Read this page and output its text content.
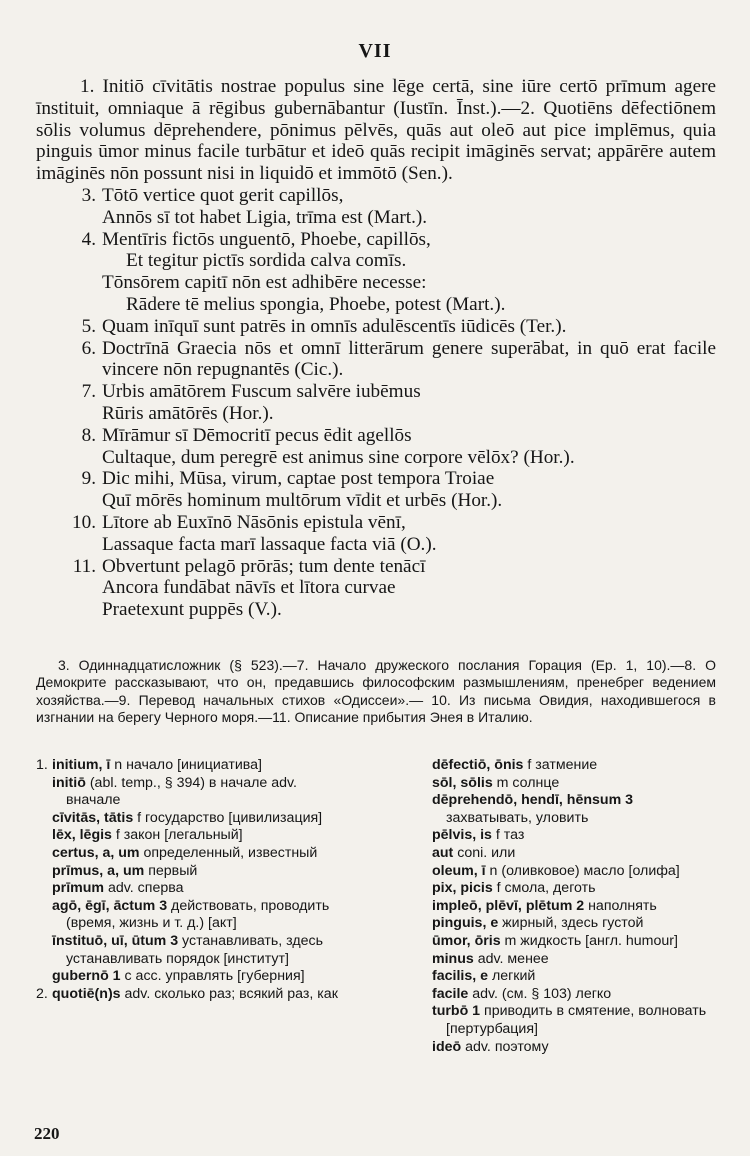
VII

1. Initiō cīvitātis nostrae populus sine lēge certā, sine iūre certō prīmum agere īnstituit, omniaque ā rēgibus gubernābantur (Iustīn. Īnst.).—2. Quotiēns dēfectiōnem sōlis volumus dēprehendere, pōnimus pēlvēs, quās aut oleō aut pice implēmus, quia pinguis ūmor minus facile turbātur et ideō quās recipit imāginēs servat; appārēre autem imāginēs nōn possunt nisi in liquidō et immōtō (Sen.).

3. Tōtō vertice quot gerit capillōs,
Annōs sī tot habet Ligia, trīma est (Mart.).
4. Mentīris fictōs unguentō, Phoebe, capillōs,
Et tegitur pictīs sordida calva comīs.
Tōnsōrem capitī nōn est adhibēre necesse:
Rādere tē melius spongia, Phoebe, potest (Mart.).
5. Quam inīquī sunt patrēs in omnīs adulēscentīs iūdicēs (Ter.).
6. Doctrīnā Graecia nōs et omnī litterārum genere superābat, in quō erat facile vincere nōn repugnantēs (Cic.).
7. Urbis amātōrem Fuscum salvēre iubēmus
Rūris amātōrēs (Hor.).
8. Mīrāmur sī Dēmocritī pecus ēdit agellōs
Cultaque, dum peregrē est animus sine corpore vēlōx? (Hor.).
9. Dic mihi, Mūsa, virum, captae post tempora Troiae
Quī mōrēs hominum multōrum vīdit et urbēs (Hor.).
10. Lītore ab Euxīnō Nāsōnis epistula vēnī,
Lassaque facta marī lassaque facta viā (O.).
11. Obvertunt pelagō prōrās; tum dente tenācī
Ancora fundābat nāvīs et lītora curvae
Praetexunt puppēs (V.).
3. Одиннадцатисложник (§ 523).—7. Начало дружеского послания Горация (Ep. 1, 10).—8. О Демокрите рассказывают, что он, предавшись философским размышлениям, пренебрег ведением хозяйства.—9. Перевод начальных стихов «Одиссеи».— 10. Из письма Овидия, находившегося в изгнании на берегу Черного моря.—11. Описание прибытия Энея в Италию.
1. initium, ī n начало [инициатива]
initiō (abl. temp., § 394) в начале adv. вначале
cīvitās, tātis f государство [цивилизация]
lēx, lēgis f закон [легальный]
certus, a, um определенный, известный
prīmus, a, um первый
prīmum adv. сперва
agō, ēgī, āctum 3 действовать, проводить (время, жизнь и т. д.) [акт]
īnstituō, uī, ūtum 3 устанавливать, здесь устанавливать порядок [институт]
gubernō 1 c acc. управлять [губерния]
2. quotiē(n)s adv. сколько раз; всякий раз, как
dēfectiō, ōnis f затмение
sōl, sōlis m солнце
dēprehendō, hendī, hēnsum 3 захватывать, уловить
pēlvis, is f таз
aut coni. или
oleum, ī n (оливковое) масло [олифа]
pix, picis f смола, деготь
impleō, plēvī, plētum 2 наполнять
pinguis, e жирный, здесь густой
ūmor, ōris m жидкость [англ. humour]
minus adv. менее
facilis, e легкий
facile adv. (см. § 103) легко
turbō 1 приводить в смятение, волновать [пертурбация]
ideō adv. поэтому
220
